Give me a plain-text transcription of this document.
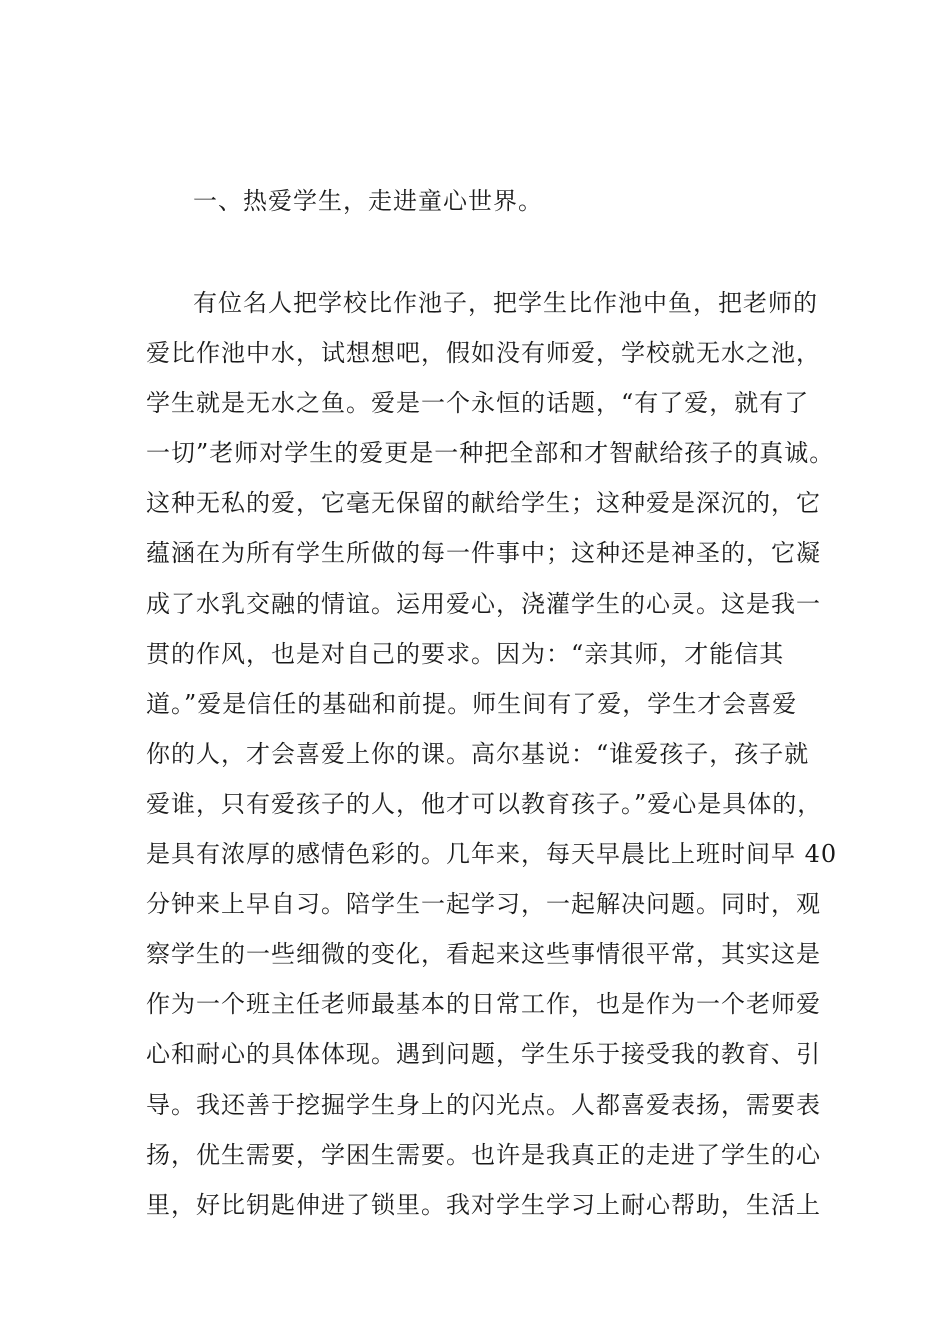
一、热爱学生，走进童心世界。
有位名人把学校比作池子，把学生比作池中鱼，把老师的
爱比作池中水，试想想吧，假如没有师爱，学校就无水之池，
学生就是无水之鱼。爱是一个永恒的话题，“有了爱，就有了
一切”老师对学生的爱更是一种把全部和才智献给孩子的真诚。
这种无私的爱，它毫无保留的献给学生；这种爱是深沉的，它
蕴涵在为所有学生所做的每一件事中；这种还是神圣的，它凝
成了水乳交融的情谊。运用爱心，浇灌学生的心灵。这是我一
贯的作风，也是对自己的要求。因为：“亲其师，才能信其
道。”爱是信任的基础和前提。师生间有了爱，学生才会喜爱
你的人，才会喜爱上你的课。高尔基说：“谁爱孩子，孩子就
爱谁，只有爱孩子的人，他才可以教育孩子。”爱心是具体的，
是具有浓厚的感情色彩的。几年来，每天早晨比上班时间早 40
分钟来上早自习。陪学生一起学习，一起解决问题。同时，观
察学生的一些细微的变化，看起来这些事情很平常，其实这是
作为一个班主任老师最基本的日常工作，也是作为一个老师爱
心和耐心的具体体现。遇到问题，学生乐于接受我的教育、引
导。我还善于挖掘学生身上的闪光点。人都喜爱表扬，需要表
扬，优生需要，学困生需要。也许是我真正的走进了学生的心
里，好比钥匙伸进了锁里。我对学生学习上耐心帮助，生活上
